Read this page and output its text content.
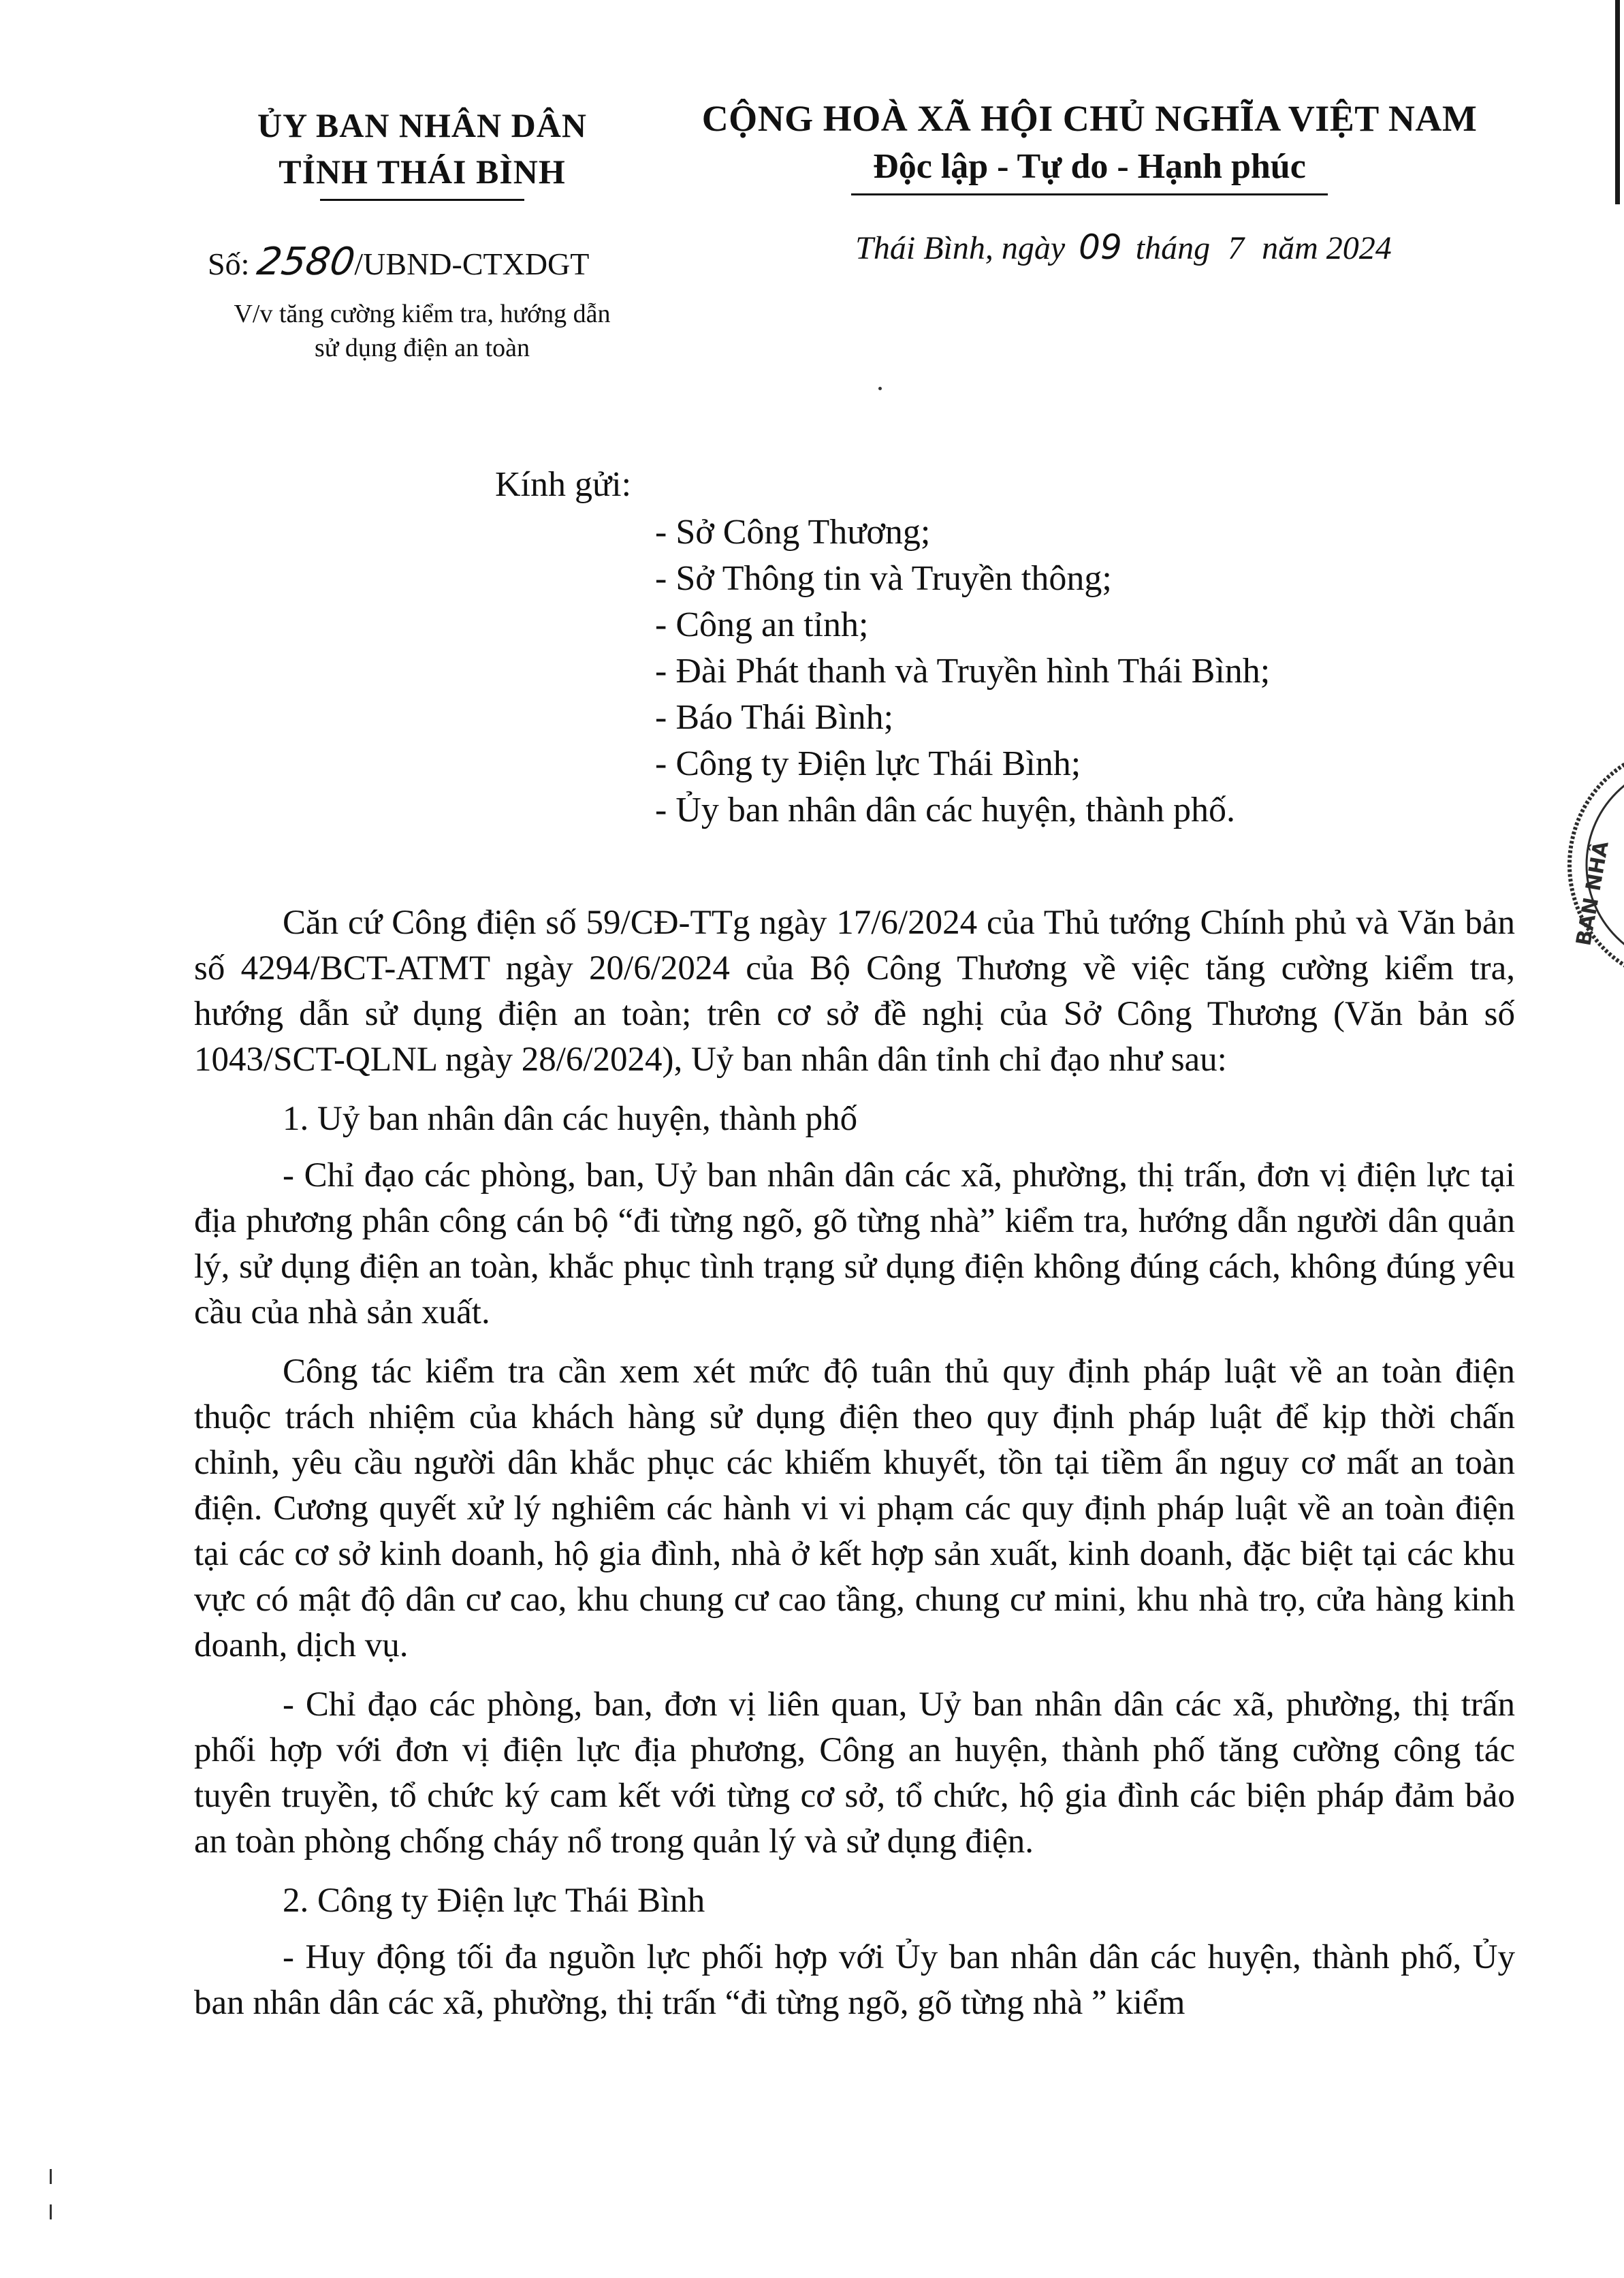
ỦY BAN NHÂN DÂN
TỈNH THÁI BÌNH
Số: 2580/UBND-CTXDGT
V/v tăng cường kiểm tra, hướng dẫn
sử dụng điện an toàn
CỘNG HOÀ XÃ HỘI CHỦ NGHĨA VIỆT NAM
Độc lập - Tự do - Hạnh phúc
Thái Bình, ngày 09 tháng 7 năm 2024
Kính gửi:
- Sở Công Thương;
- Sở Thông tin và Truyền thông;
- Công an tỉnh;
- Đài Phát thanh và Truyền hình Thái Bình;
- Báo Thái Bình;
- Công ty Điện lực Thái Bình;
- Ủy ban nhân dân các huyện, thành phố.
BAN NHÂ

Căn cứ Công điện số 59/CĐ-TTg ngày 17/6/2024 của Thủ tướng Chính phủ và Văn bản số 4294/BCT-ATMT ngày 20/6/2024 của Bộ Công Thương về việc tăng cường kiểm tra, hướng dẫn sử dụng điện an toàn; trên cơ sở đề nghị của Sở Công Thương (Văn bản số 1043/SCT-QLNL ngày 28/6/2024), Uỷ ban nhân dân tỉnh chỉ đạo như sau:

1. Uỷ ban nhân dân các huyện, thành phố

- Chỉ đạo các phòng, ban, Uỷ ban nhân dân các xã, phường, thị trấn, đơn vị điện lực tại địa phương phân công cán bộ “đi từng ngõ, gõ từng nhà” kiểm tra, hướng dẫn người dân quản lý, sử dụng điện an toàn, khắc phục tình trạng sử dụng điện không đúng cách, không đúng yêu cầu của nhà sản xuất.

Công tác kiểm tra cần xem xét mức độ tuân thủ quy định pháp luật về an toàn điện thuộc trách nhiệm của khách hàng sử dụng điện theo quy định pháp luật để kịp thời chấn chỉnh, yêu cầu người dân khắc phục các khiếm khuyết, tồn tại tiềm ẩn nguy cơ mất an toàn điện. Cương quyết xử lý nghiêm các hành vi vi phạm các quy định pháp luật về an toàn điện tại các cơ sở kinh doanh, hộ gia đình, nhà ở kết hợp sản xuất, kinh doanh, đặc biệt tại các khu vực có mật độ dân cư cao, khu chung cư cao tầng, chung cư mini, khu nhà trọ, cửa hàng kinh doanh, dịch vụ.

- Chỉ đạo các phòng, ban, đơn vị liên quan, Uỷ ban nhân dân các xã, phường, thị trấn phối hợp với đơn vị điện lực địa phương, Công an huyện, thành phố tăng cường công tác tuyên truyền, tổ chức ký cam kết với từng cơ sở, tổ chức, hộ gia đình các biện pháp đảm bảo an toàn phòng chống cháy nổ trong quản lý và sử dụng điện.

2. Công ty Điện lực Thái Bình

- Huy động tối đa nguồn lực phối hợp với Ủy ban nhân dân các huyện, thành phố, Ủy ban nhân dân các xã, phường, thị trấn “đi từng ngõ, gõ từng nhà ” kiểm
